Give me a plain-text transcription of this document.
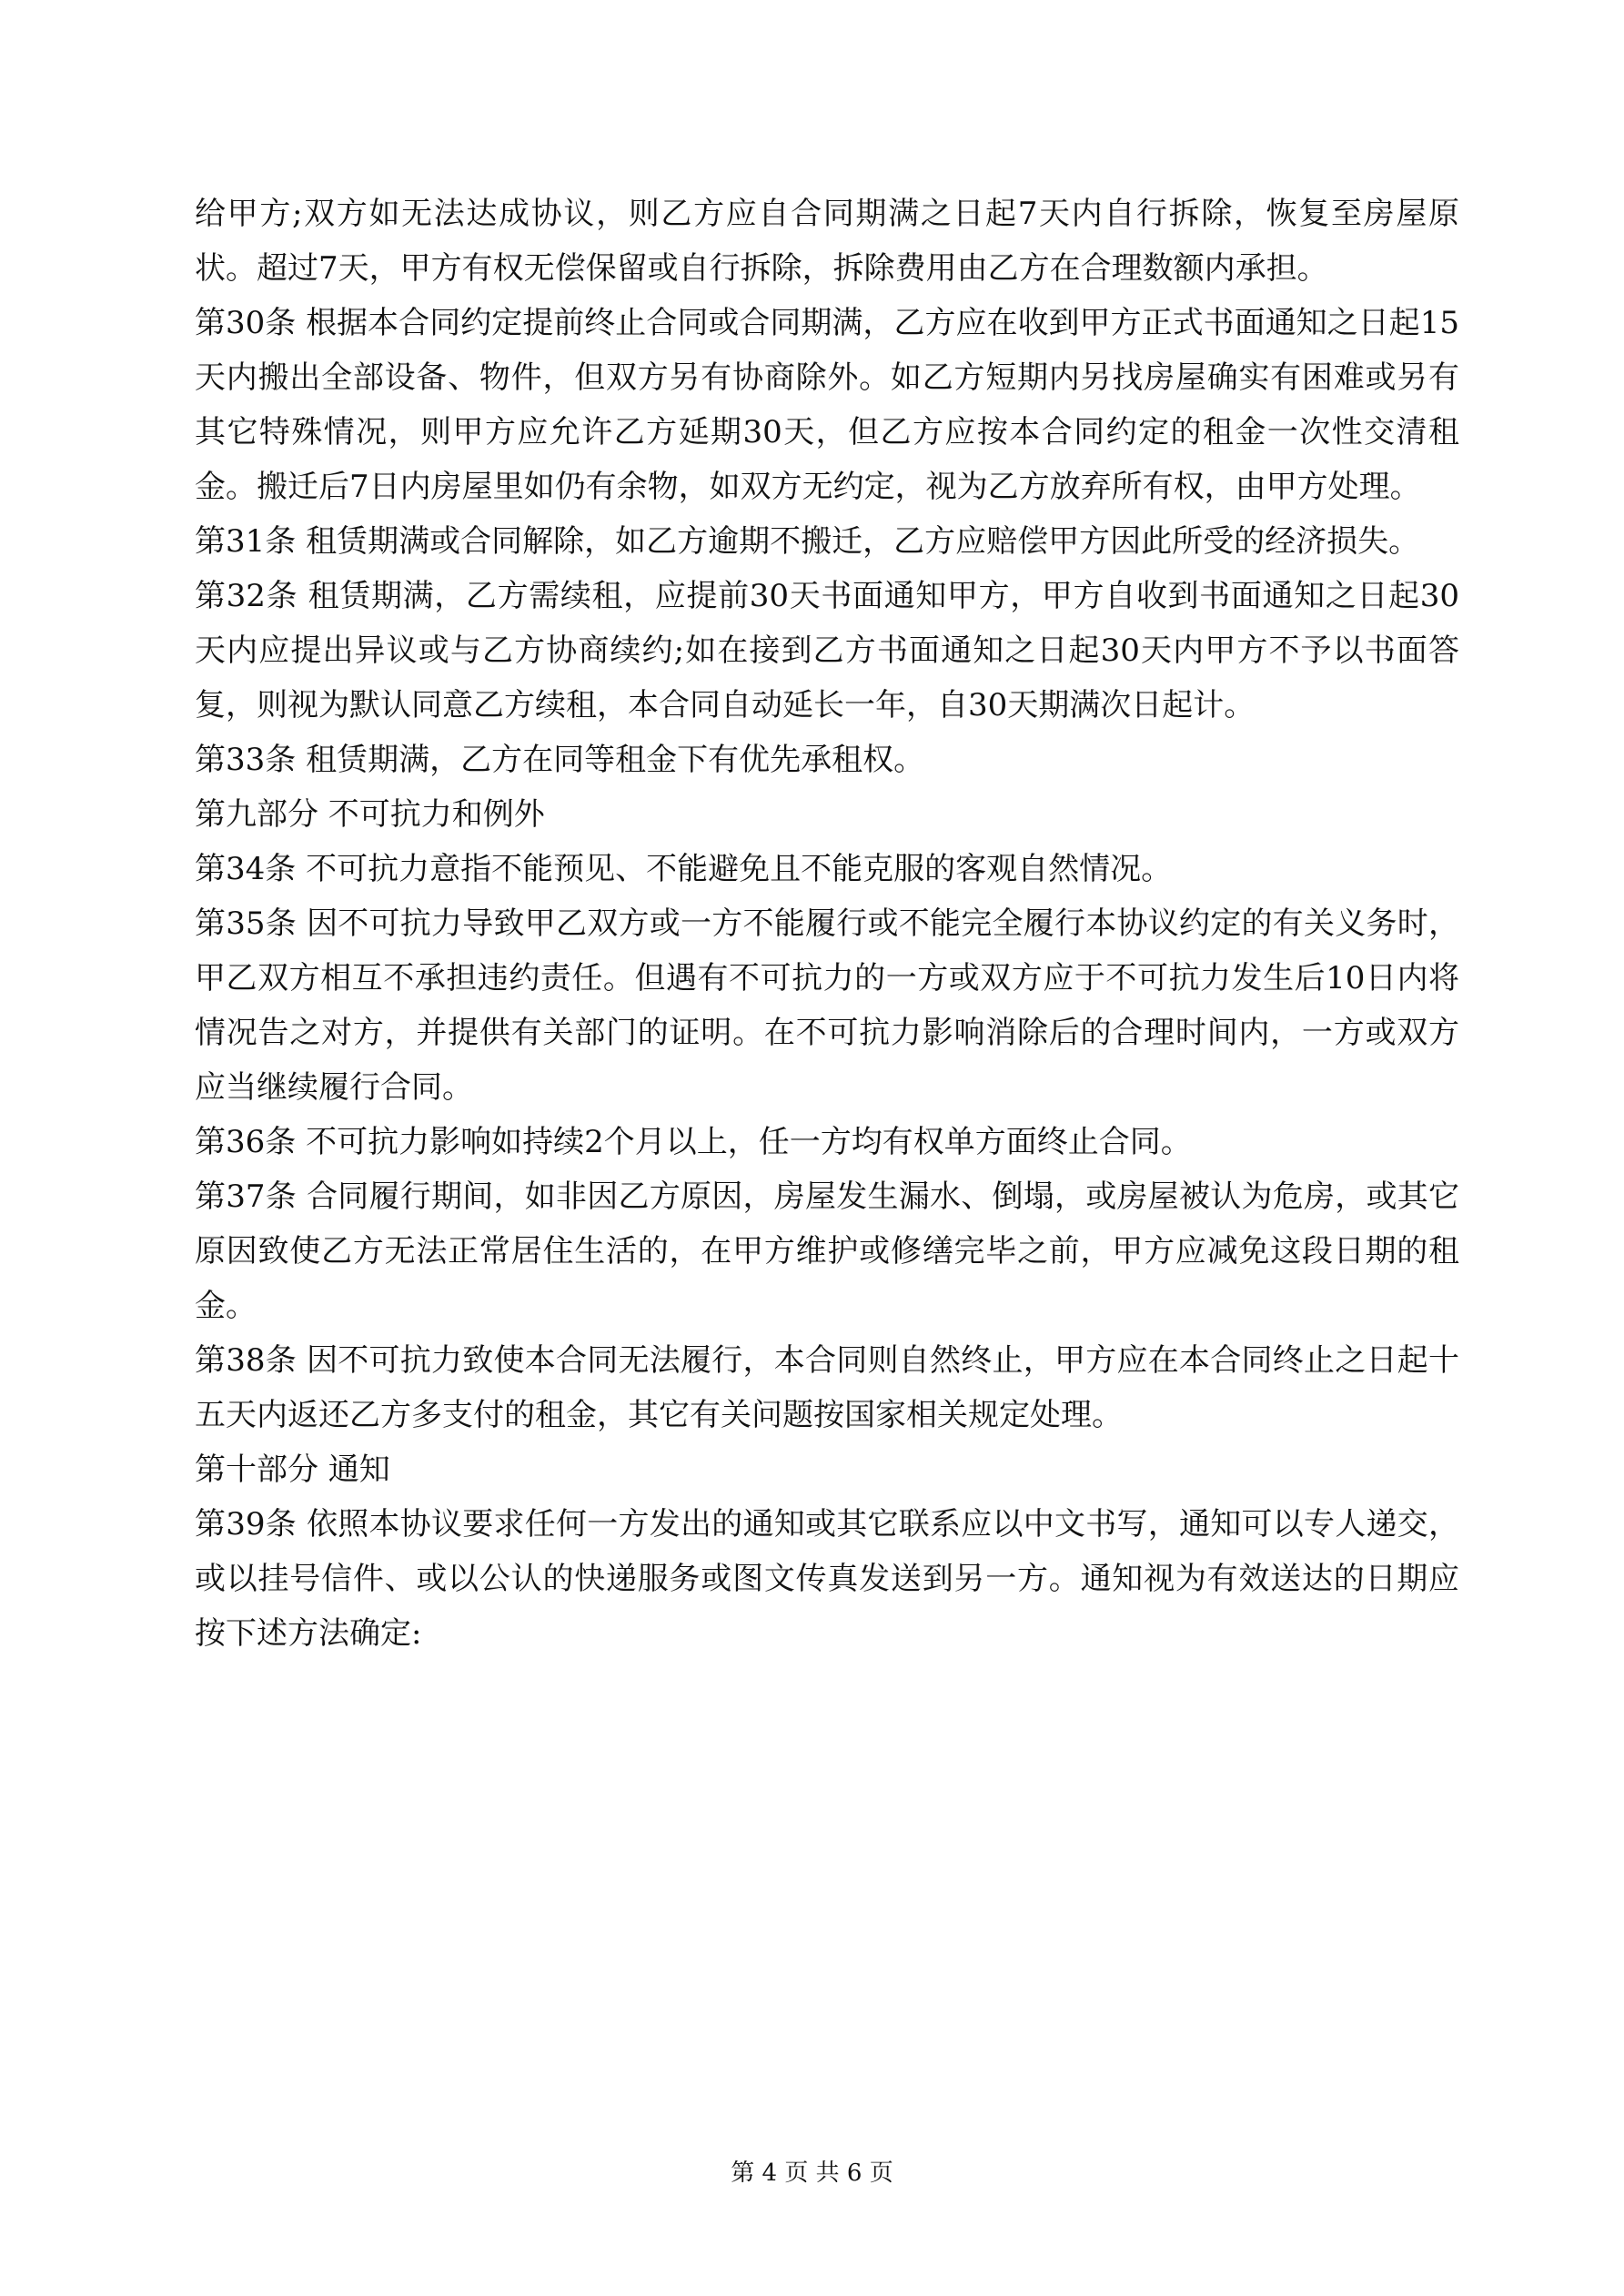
给甲方;双方如无法达成协议，则乙方应自合同期满之日起7天内自行拆除，恢复至房屋原状。超过7天，甲方有权无偿保留或自行拆除，拆除费用由乙方在合理数额内承担。

第30条 根据本合同约定提前终止合同或合同期满，乙方应在收到甲方正式书面通知之日起15天内搬出全部设备、物件，但双方另有协商除外。如乙方短期内另找房屋确实有困难或另有其它特殊情况，则甲方应允许乙方延期30天，但乙方应按本合同约定的租金一次性交清租金。搬迁后7日内房屋里如仍有余物，如双方无约定，视为乙方放弃所有权，由甲方处理。

第31条 租赁期满或合同解除，如乙方逾期不搬迁，乙方应赔偿甲方因此所受的经济损失。

第32条 租赁期满，乙方需续租，应提前30天书面通知甲方，甲方自收到书面通知之日起30天内应提出异议或与乙方协商续约;如在接到乙方书面通知之日起30天内甲方不予以书面答复，则视为默认同意乙方续租，本合同自动延长一年，自30天期满次日起计。

第33条 租赁期满，乙方在同等租金下有优先承租权。

第九部分 不可抗力和例外

第34条 不可抗力意指不能预见、不能避免且不能克服的客观自然情况。

第35条 因不可抗力导致甲乙双方或一方不能履行或不能完全履行本协议约定的有关义务时，甲乙双方相互不承担违约责任。但遇有不可抗力的一方或双方应于不可抗力发生后10日内将情况告之对方，并提供有关部门的证明。在不可抗力影响消除后的合理时间内，一方或双方应当继续履行合同。

第36条 不可抗力影响如持续2个月以上，任一方均有权单方面终止合同。

第37条 合同履行期间，如非因乙方原因，房屋发生漏水、倒塌，或房屋被认为危房，或其它原因致使乙方无法正常居住生活的，在甲方维护或修缮完毕之前，甲方应减免这段日期的租金。

第38条 因不可抗力致使本合同无法履行，本合同则自然终止，甲方应在本合同终止之日起十五天内返还乙方多支付的租金，其它有关问题按国家相关规定处理。

第十部分 通知

第39条 依照本协议要求任何一方发出的通知或其它联系应以中文书写，通知可以专人递交，或以挂号信件、或以公认的快递服务或图文传真发送到另一方。通知视为有效送达的日期应按下述方法确定:

第 4 页 共 6 页
